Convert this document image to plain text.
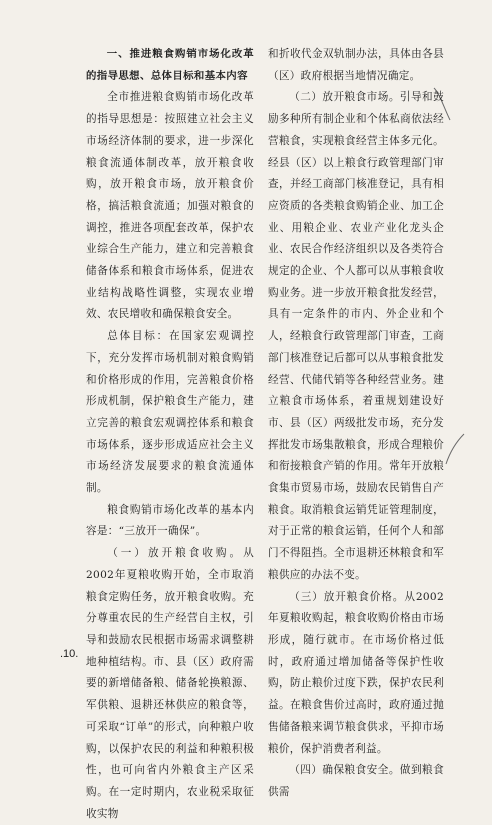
一、推进粮食购销市场化改革的指导思想、总体目标和基本内容

全市推进粮食购销市场化改革的指导思想是：按照建立社会主义市场经济体制的要求，进一步深化粮食流通体制改革，放开粮食收购，放开粮食市场，放开粮食价格，搞活粮食流通；加强对粮食的调控，推进各项配套改革，保护农业综合生产能力，建立和完善粮食储备体系和粮食市场体系，促进农业结构战略性调整，实现农业增效、农民增收和确保粮食安全。

总体目标：在国家宏观调控下，充分发挥市场机制对粮食购销和价格形成的作用，完善粮食价格形成机制，保护粮食生产能力，建立完善的粮食宏观调控体系和粮食市场体系，逐步形成适应社会主义市场经济发展要求的粮食流通体制。

粮食购销市场化改革的基本内容是：“三放开一确保”。

（一）放开粮食收购。从2002年夏粮收购开始，全市取消粮食定购任务，放开粮食收购。充分尊重农民的生产经营自主权，引导和鼓励农民根据市场需求调整耕地种植结构。市、县（区）政府需要的新增储备粮、储备轮换粮源、军供粮、退耕还林供应的粮食等，可采取“订单”的形式，向种粮户收购，以保护农民的利益和种粮积极性，也可向省内外粮食主产区采购。在一定时期内，农业税采取征收实物

和折收代金双轨制办法，具体由各县（区）政府根据当地情况确定。

（二）放开粮食市场。引导和鼓励多种所有制企业和个体私商依法经营粮食，实现粮食经营主体多元化。经县（区）以上粮食行政管理部门审查，并经工商部门核准登记，具有相应资质的各类粮食购销企业、加工企业、用粮企业、农业产业化龙头企业、农民合作经济组织以及各类符合规定的企业、个人都可以从事粮食收购业务。进一步放开粮食批发经营，具有一定条件的市内、外企业和个人，经粮食行政管理部门审查，工商部门核准登记后都可以从事粮食批发经营、代储代销等各种经营业务。建立粮食市场体系，着重规划建设好市、县（区）两级批发市场，充分发挥批发市场集散粮食，形成合理粮价和衔接粮食产销的作用。常年开放粮食集市贸易市场，鼓励农民销售自产粮食。取消粮食运销凭证管理制度，对于正常的粮食运销，任何个人和部门不得阻挡。全市退耕还林粮食和军粮供应的办法不变。

（三）放开粮食价格。从2002年夏粮收购起，粮食收购价格由市场形成，随行就市。在市场价格过低时，政府通过增加储备等保护性收购，防止粮价过度下跌，保护农民利益。在粮食售价过高时，政府通过抛售储备粮来调节粮食供求，平抑市场粮价，保护消费者利益。

（四）确保粮食安全。做到粮食供需

.10.
